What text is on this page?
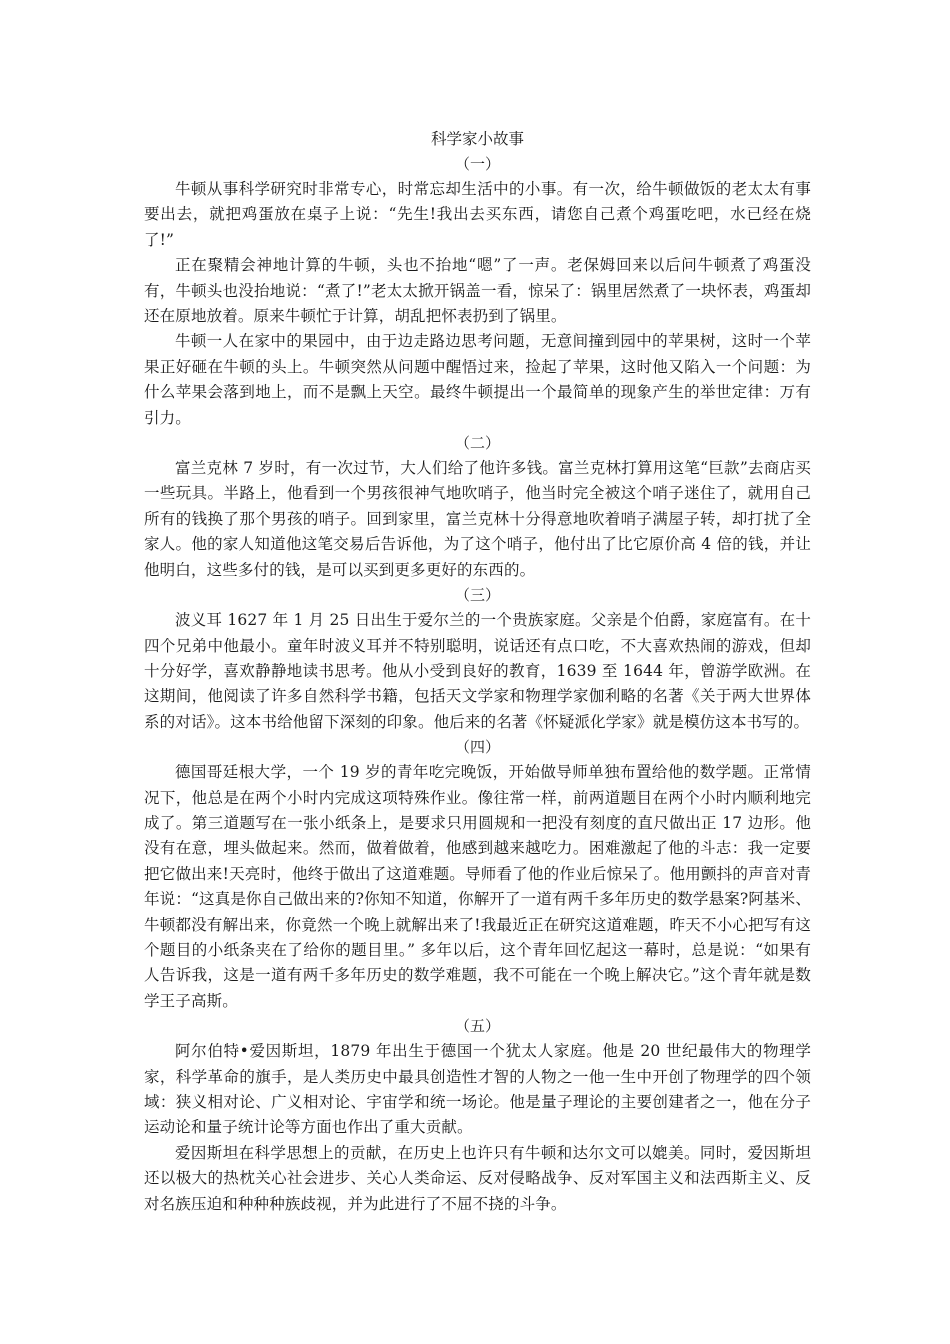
科学家小故事

（一）

牛顿从事科学研究时非常专心，时常忘却生活中的小事。有一次，给牛顿做饭的老太太有事要出去，就把鸡蛋放在桌子上说：“先生!我出去买东西，请您自己煮个鸡蛋吃吧，水已经在烧了!”

正在聚精会神地计算的牛顿，头也不抬地“嗯”了一声。老保姆回来以后问牛顿煮了鸡蛋没有，牛顿头也没抬地说：“煮了!”老太太掀开锅盖一看，惊呆了：锅里居然煮了一块怀表，鸡蛋却还在原地放着。原来牛顿忙于计算，胡乱把怀表扔到了锅里。

牛顿一人在家中的果园中，由于边走路边思考问题，无意间撞到园中的苹果树，这时一个苹果正好砸在牛顿的头上。牛顿突然从问题中醒悟过来，捡起了苹果，这时他又陷入一个问题：为什么苹果会落到地上，而不是飘上天空。最终牛顿提出一个最简单的现象产生的举世定律：万有引力。

（二）

富兰克林 7 岁时，有一次过节，大人们给了他许多钱。富兰克林打算用这笔“巨款”去商店买一些玩具。半路上，他看到一个男孩很神气地吹哨子，他当时完全被这个哨子迷住了，就用自己所有的钱换了那个男孩的哨子。回到家里，富兰克林十分得意地吹着哨子满屋子转，却打扰了全家人。他的家人知道他这笔交易后告诉他，为了这个哨子，他付出了比它原价高 4 倍的钱，并让他明白，这些多付的钱，是可以买到更多更好的东西的。

（三）

波义耳 1627 年 1 月 25 日出生于爱尔兰的一个贵族家庭。父亲是个伯爵，家庭富有。在十四个兄弟中他最小。童年时波义耳并不特别聪明，说话还有点口吃，不大喜欢热闹的游戏，但却十分好学，喜欢静静地读书思考。他从小受到良好的教育，1639 至 1644 年，曾游学欧洲。在这期间，他阅读了许多自然科学书籍，包括天文学家和物理学家伽利略的名著《关于两大世界体系的对话》。这本书给他留下深刻的印象。他后来的名著《怀疑派化学家》就是模仿这本书写的。

（四）

德国哥廷根大学，一个 19 岁的青年吃完晚饭，开始做导师单独布置给他的数学题。正常情况下，他总是在两个小时内完成这项特殊作业。像往常一样，前两道题目在两个小时内顺利地完成了。第三道题写在一张小纸条上，是要求只用圆规和一把没有刻度的直尺做出正 17 边形。他没有在意，埋头做起来。然而，做着做着，他感到越来越吃力。困难激起了他的斗志：我一定要把它做出来!天亮时，他终于做出了这道难题。导师看了他的作业后惊呆了。他用颤抖的声音对青年说：“这真是你自己做出来的?你知不知道，你解开了一道有两千多年历史的数学悬案?阿基米、牛顿都没有解出来，你竟然一个晚上就解出来了!我最近正在研究这道难题，昨天不小心把写有这个题目的小纸条夹在了给你的题目里。” 多年以后，这个青年回忆起这一幕时，总是说：“如果有人告诉我，这是一道有两千多年历史的数学难题，我不可能在一个晚上解决它。”这个青年就是数学王子高斯。

（五）

阿尔伯特•爱因斯坦，1879 年出生于德国一个犹太人家庭。他是 20 世纪最伟大的物理学家，科学革命的旗手，是人类历史中最具创造性才智的人物之一他一生中开创了物理学的四个领域：狭义相对论、广义相对论、宇宙学和统一场论。他是量子理论的主要创建者之一，他在分子运动论和量子统计论等方面也作出了重大贡献。

爱因斯坦在科学思想上的贡献，在历史上也许只有牛顿和达尔文可以媲美。同时，爱因斯坦还以极大的热枕关心社会进步、关心人类命运、反对侵略战争、反对军国主义和法西斯主义、反对名族压迫和种种种族歧视，并为此进行了不屈不挠的斗争。
